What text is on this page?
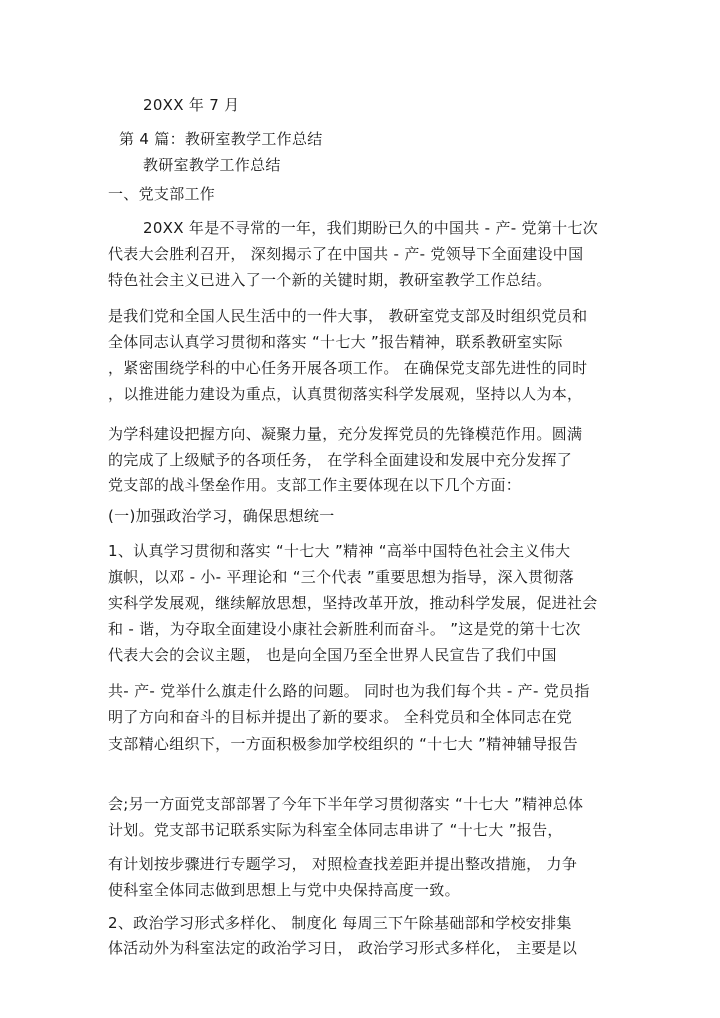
20XX 年 7 月
第 4 篇：教研室教学工作总结
教研室教学工作总结
一、党支部工作
20XX 年是不寻常的一年，我们期盼已久的中国共 - 产- 党第十七次
代表大会胜利召开， 深刻揭示了在中国共 - 产- 党领导下全面建设中国
特色社会主义已进入了一个新的关键时期，教研室教学工作总结。
是我们党和全国人民生活中的一件大事， 教研室党支部及时组织党员和
全体同志认真学习贯彻和落实 “十七大 ”报告精神，联系教研室实际
，紧密围绕学科的中心任务开展各项工作。 在确保党支部先进性的同时
，以推进能力建设为重点，认真贯彻落实科学发展观，坚持以人为本，
为学科建设把握方向、凝聚力量，充分发挥党员的先锋模范作用。圆满
的完成了上级赋予的各项任务， 在学科全面建设和发展中充分发挥了
党支部的战斗堡垒作用。支部工作主要体现在以下几个方面：
(一)加强政治学习，确保思想统一
1、认真学习贯彻和落实 “十七大 ”精神 “高举中国特色社会主义伟大
旗帜，以邓 - 小- 平理论和 “三个代表 ”重要思想为指导，深入贯彻落
实科学发展观，继续解放思想，坚持改革开放，推动科学发展，促进社会
和 - 谐，为夺取全面建设小康社会新胜利而奋斗。 ”这是党的第十七次
代表大会的会议主题， 也是向全国乃至全世界人民宣告了我们中国
共- 产- 党举什么旗走什么路的问题。 同时也为我们每个共 - 产- 党员指
明了方向和奋斗的目标并提出了新的要求。 全科党员和全体同志在党
支部精心组织下，一方面积极参加学校组织的 “十七大 ”精神辅导报告
会;另一方面党支部部署了今年下半年学习贯彻落实 “十七大 ”精神总体
计划。党支部书记联系实际为科室全体同志串讲了 “十七大 ”报告，
有计划按步骤进行专题学习， 对照检查找差距并提出整改措施， 力争
使科室全体同志做到思想上与党中央保持高度一致。
2、政治学习形式多样化、 制度化 每周三下午除基础部和学校安排集
体活动外为科室法定的政治学习日， 政治学习形式多样化， 主要是以
